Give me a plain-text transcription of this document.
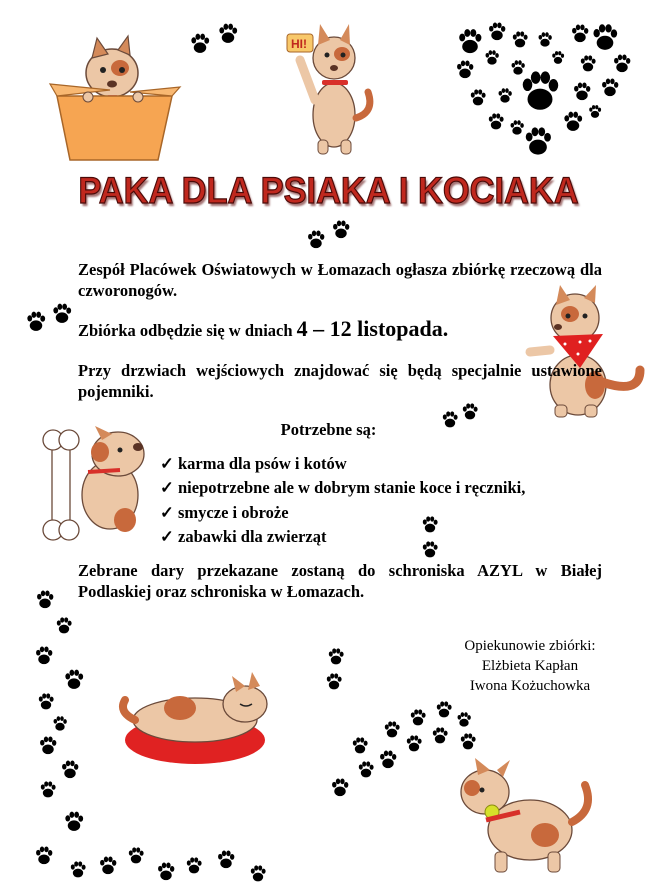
HI!
PAKA DLA PSIAKA I KOCIAKA
Zespół Placówek Oświatowych w Łomazach ogłasza zbiórkę rzeczową dla czworonogów.
Zbiórka odbędzie się w dniach 4 – 12 listopada.
Przy drzwiach wejściowych znajdować się będą specjalnie ustawione pojemniki.
Potrzebne są:
✓ karma dla psów i kotów
✓ niepotrzebne ale w dobrym stanie koce i ręczniki,
✓ smycze i obroże
✓ zabawki dla zwierząt
Zebrane dary przekazane zostaną do schroniska AZYL w Białej Podlaskiej oraz schroniska w Łomazach.
Opiekunowie zbiórki:
Elżbieta Kapłan
Iwona Kożuchowka
